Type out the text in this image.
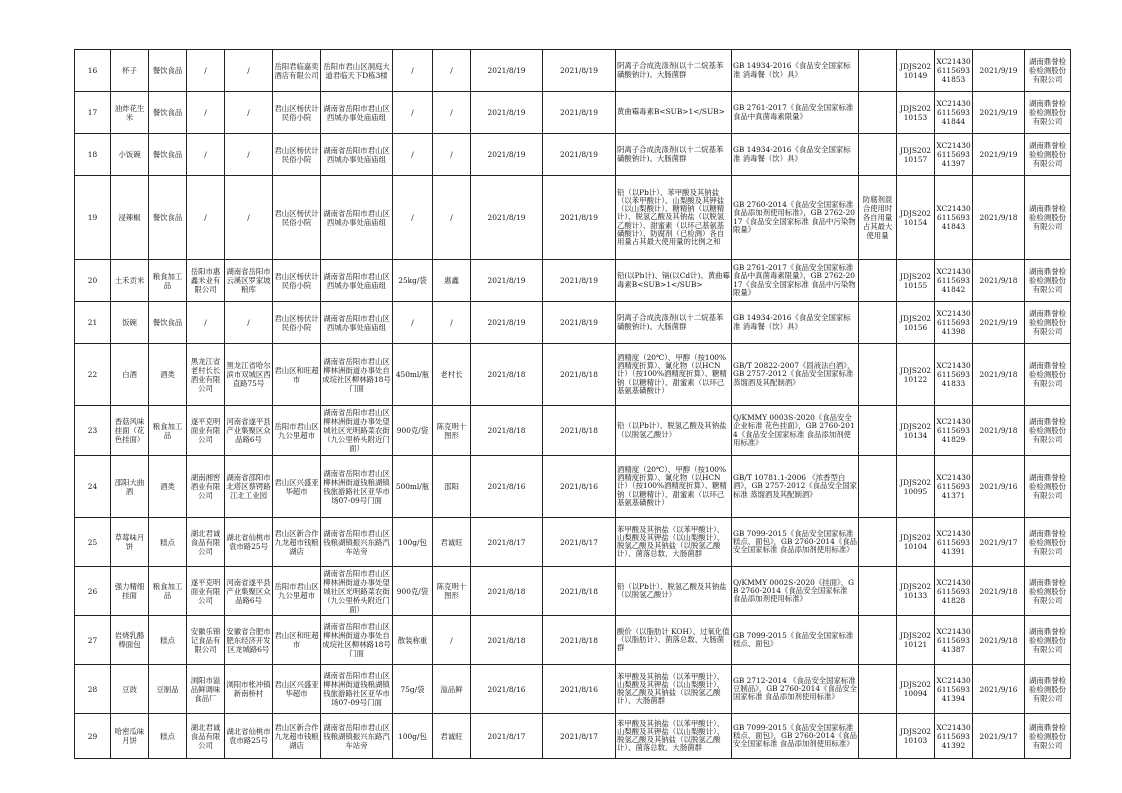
16	杯子	餐饮食品	/	/	岳阳君临嘉奕酒店有限公司	岳阳市君山区洞庭大道君临天下D栋3楼	/	/	2021/8/19	2021/8/19	阴离子合成洗涤剂(以十二烷基苯磺酸钠计)、大肠菌群	GB 14934-2016《食品安全国家标准 消毒餐（饮）具》		JDJS20210149	XC21430611569341853	2021/9/19	湖南鼎誉检验检测股份有限公司
17	油炸花生米	餐饮食品	/	/	君山区杨伏计民俗小院	湖南省岳阳市君山区西城办事处庙庙组	/	/	2021/8/19	2021/8/19	黄曲霉毒素B<SUB>1</SUB>	GB 2761-2017《食品安全国家标准 食品中真菌毒素限量》		JDJS20210153	XC21430611569341844	2021/9/19	湖南鼎誉检验检测股份有限公司
18	小饭碗	餐饮食品	/	/	君山区杨伏计民俗小院	湖南省岳阳市君山区西城办事处庙庙组	/	/	2021/8/19	2021/8/19	阴离子合成洗涤剂(以十二烷基苯磺酸钠计)、大肠菌群	GB 14934-2016《食品安全国家标准 消毒餐（饮）具》		JDJS20210157	XC21430611569341397	2021/9/19	湖南鼎誉检验检测股份有限公司
19	浸辣椒	餐饮食品	/	/	君山区杨伏计民俗小院	湖南省岳阳市君山区西城办事处庙庙组	/	/	2021/8/19	2021/8/19	铅（以Pb计）、苯甲酸及其钠盐（以苯甲酸计）、山梨酸及其钾盐（以山梨酸计）、糖精钠（以糖精计）、脱氢乙酸及其钠盐（以脱氢乙酸计）、甜蜜素（以环己基氨基磺酸计）、防腐剂（已检测）各自用量占其最大使用量的比例之和	GB 2760-2014《食品安全国家标准 食品添加剂使用标准》，GB 2762-2017《食品安全国家标准 食品中污染物限量》	防腐剂混合使用时各自用量占其最大使用量	JDJS20210154	XC21430611569341843	2021/9/18	湖南鼎誉检验检测股份有限公司
20	土禾贡米	粮食加工品	岳阳市惠鑫米业有限公司	湖南省岳阳市云溪区罗家坡粮库	君山区杨伏计民俗小院	湖南省岳阳市君山区西城办事处庙庙组	25kg/袋	惠鑫	2021/8/19	2021/8/19	铅(以Pb计)、镉(以Cd计)、黄曲霉毒素B<SUB>1</SUB>	GB 2761-2017《食品安全国家标准 食品中真菌毒素限量》，GB 2762-2017《食品安全国家标准 食品中污染物限量》		JDJS20210155	XC21430611569341842	2021/9/18	湖南鼎誉检验检测股份有限公司
21	饭碗	餐饮食品	/	/	君山区杨伏计民俗小院	湖南省岳阳市君山区西城办事处庙庙组	/	/	2021/8/19	2021/8/19	阴离子合成洗涤剂(以十二烷基苯磺酸钠计)、大肠菌群	GB 14934-2016《食品安全国家标准 消毒餐（饮）具》		JDJS20210156	XC21430611569341398	2021/9/19	湖南鼎誉检验检测股份有限公司
22	白酒	酒类	黑龙江省老村长长酒业有限公司	黑龙江省哈尔滨市双城区西直路75号	君山区和旺超市	湖南省岳阳市君山区柳林洲街道办事处自成垸社区柳林路18号门面	450ml/瓶	老村长	2021/8/18	2021/8/18	酒精度（20℃）、甲醇（按100%酒精度折算）、氰化物（以HCN计）（按100%酒精度折算）、糖精钠（以糖精计）、甜蜜素（以环己基氨基磺酸计）	GB/T 20822-2007《固液法白酒》，GB 2757-2012《食品安全国家标准 蒸馏酒及其配制酒》		JDJS20210122	XC21430611569341833	2021/9/18	湖南鼎誉检验检测股份有限公司
23	香菇风味挂面（花色挂面）	粮食加工品	遂平克明面业有限公司	河南省遂平县产业集聚区众品路6号	岳阳市君山区九公里超市	湖南省岳阳市君山区柳林洲街道办事处望城社区光明路菜农街（九公里桥头附近门面）	900克/袋	陈克明十图形	2021/8/18	2021/8/18	铅（以Pb计）、脱氢乙酸及其钠盐（以脱氢乙酸计）	Q/KMMY 0003S-2020《食品安全企业标准 花色挂面》，GB 2760-2014《食品安全国家标准 食品添加剂使用标准》		JDJS20210134	XC21430611569341829	2021/9/18	湖南鼎誉检验检测股份有限公司
24	邵阳大曲酒	酒类	湖南湘窖酒业有限公司	湖南省邵阳市北塔区蔡锷路江北工业园	君山区兴盛亚华超市	湖南省岳阳市君山区柳林洲街道钱粮湖镇钱旅游路社区亚华市场07-09号门面	500ml/瓶	邵阳	2021/8/16	2021/8/16	酒精度（20℃）、甲醇（按100%酒精度折算）、氰化物（以HCN计）（按100%酒精度折算）、糖精钠（以糖精计）、甜蜜素（以环己基氨基磺酸计）	GB/T 10781.1-2006 《浓香型白酒》，GB 2757-2012《食品安全国家标准 蒸馏酒及其配制酒》		JDJS20210095	XC21430611569341371	2021/9/16	湖南鼎誉检验检测股份有限公司
25	草莓味月饼	糕点	湖北君诚食品有限公司	湖北省仙桃市袁市路25号	君山区新合作九龙超市钱粮湖店	湖南省岳阳市君山区钱粮湖镇振兴东路汽车站旁	100g/包	君诚旺	2021/8/17	2021/8/17	苯甲酸及其钠盐（以苯甲酸计）、山梨酸及其钾盐（以山梨酸计）、脱氢乙酸及其钠盐（以脱氢乙酸计）、菌落总数、大肠菌群	GB 7099-2015《食品安全国家标准 糕点、面包》，GB 2760-2014《食品安全国家标准 食品添加剂使用标准》		JDJS20210104	XC21430611569341391	2021/9/17	湖南鼎誉检验检测股份有限公司
26	强力精细挂面	粮食加工品	遂平克明面业有限公司	河南省遂平县产业集聚区众品路6号	岳阳市君山区九公里超市	湖南省岳阳市君山区柳林洲街道办事处望城社区光明路菜农街（九公里桥头附近门面）	900克/袋	陈克明十图形	2021/8/18	2021/8/18	铅（以Pb计）、脱氢乙酸及其钠盐（以脱氢乙酸计）	Q/KMMY 0002S-2020《挂面》，GB 2760-2014《食品安全国家标准 食品添加剂使用标准》		JDJS20210133	XC21430611569341828	2021/9/18	湖南鼎誉检验检测股份有限公司
27	岩烧乳酪棒面包	糕点	安徽乐锦记食品有限公司	安徽省合肥市肥东经济开发区龙城路6号	君山区和旺超市	湖南省岳阳市君山区柳林洲街道办事处自成垸社区柳林路18号门面	散装称重	/	2021/8/18	2021/8/18	酸价（以脂肪计 KOH）、过氧化值（以脂肪计）、菌落总数、大肠菌群	GB 7099-2015《食品安全国家标准 糕点、面包》		JDJS20210121	XC21430611569341387	2021/9/18	湖南鼎誉检验检测股份有限公司
28	豆豉	豆制品	浏阳市溢品鲜调味食品厂	浏阳市枨冲镇新南桥村	君山区兴盛亚华超市	湖南省岳阳市君山区柳林洲街道钱粮湖镇钱旅游路社区亚华市场07-09号门面	75g/袋	溢品鲜	2021/8/16	2021/8/16	苯甲酸及其钠盐（以苯甲酸计）、山梨酸及其钾盐（以山梨酸计）、脱氢乙酸及其钠盐（以脱氢乙酸计）、大肠菌群	GB 2712-2014 《食品安全国家标准 豆制品》，GB 2760-2014《食品安全国家标准 食品添加剂使用标准》		JDJS20210094	XC21430611569341394	2021/9/16	湖南鼎誉检验检测股份有限公司
29	哈密瓜味月饼	糕点	湖北君诚食品有限公司	湖北省仙桃市袁市路25号	君山区新合作九龙超市钱粮湖店	湖南省岳阳市君山区钱粮湖镇振兴东路汽车站旁	100g/包	君诚旺	2021/8/17	2021/8/17	苯甲酸及其钠盐（以苯甲酸计）、山梨酸及其钾盐（以山梨酸计）、脱氢乙酸及其钠盐（以脱氢乙酸计）、菌落总数、大肠菌群	GB 7099-2015《食品安全国家标准 糕点、面包》，GB 2760-2014《食品安全国家标准 食品添加剂使用标准》		JDJS20210103	XC21430611569341392	2021/9/17	湖南鼎誉检验检测股份有限公司
